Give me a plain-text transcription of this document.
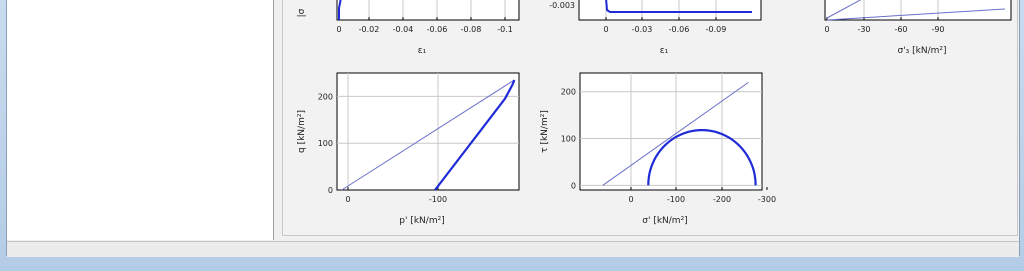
0 -0.02 -0.04 -0.06 -0.08 -0.1
ε₁
|σ
0	-0.03 -0.06 -0.09
ε₁
0	-30	-60	-90
σ'₃ [kN/m²]
0	-100
0
100
200
p' [kN/m²]
q [kN/m²]
0	-100	-200	-300
0
100
200
σ' [kN/m²]
τ [kN/m²]
-0.003
